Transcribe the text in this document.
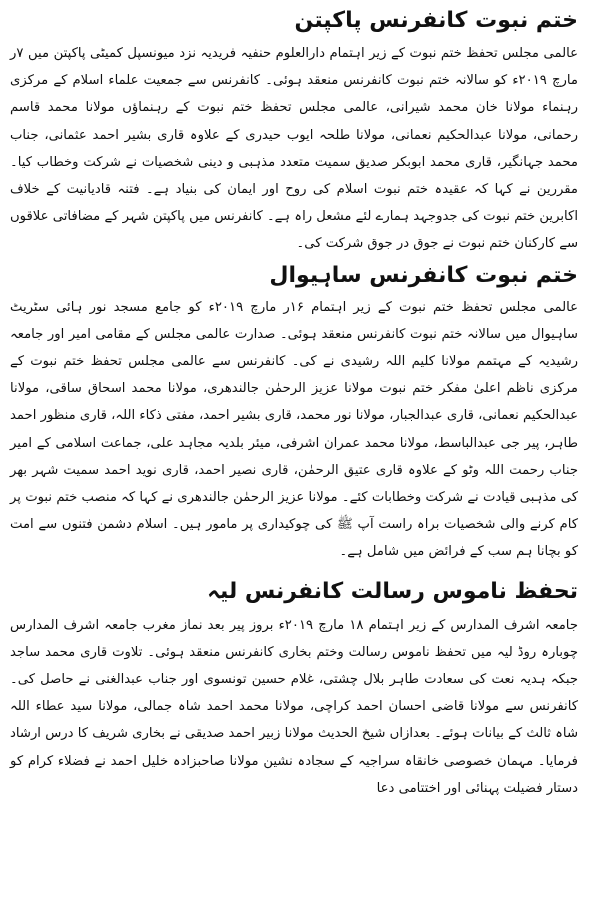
ختم نبوت کانفرنس پاکپتن

عالمی مجلس تحفظ ختم نبوت کے زیر اہتمام دارالعلوم حنفیہ فریدیہ نزد میونسپل کمیٹی پاکپتن میں ۷ر مارچ ۲۰۱۹ء کو سالانہ ختم نبوت کانفرنس منعقد ہوئی۔ کانفرنس سے جمعیت علماء اسلام کے مرکزی رہنماء مولانا خان محمد شیرانی، عالمی مجلس تحفظ ختم نبوت کے رہنماؤں مولانا محمد قاسم رحمانی، مولانا عبدالحکیم نعمانی، مولانا طلحہ ایوب حیدری کے علاوہ قاری بشیر احمد عثمانی، جناب محمد جہانگیر، قاری محمد ابوبکر صدیق سمیت متعدد مذہبی و دینی شخصیات نے شرکت وخطاب کیا۔ مقررین نے کہا کہ عقیدہ ختم نبوت اسلام کی روح اور ایمان کی بنیاد ہے۔ فتنہ قادیانیت کے خلاف اکابرین ختم نبوت کی جدوجہد ہمارے لئے مشعل راہ ہے۔ کانفرنس میں پاکپتن شہر کے مضافاتی علاقوں سے کارکنان ختم نبوت نے جوق در جوق شرکت کی۔

ختم نبوت کانفرنس ساہیوال

عالمی مجلس تحفظ ختم نبوت کے زیر اہتمام ۱۶ر مارچ ۲۰۱۹ء کو جامع مسجد نور ہائی سٹریٹ ساہیوال میں سالانہ ختم نبوت کانفرنس منعقد ہوئی۔ صدارت عالمی مجلس کے مقامی امیر اور جامعہ رشیدیہ کے مہتمم مولانا کلیم اللہ رشیدی نے کی۔ کانفرنس سے عالمی مجلس تحفظ ختم نبوت کے مرکزی ناظم اعلیٰ مفکر ختم نبوت مولانا عزیز الرحمٰن جالندھری، مولانا محمد اسحاق ساقی، مولانا عبدالحکیم نعمانی، قاری عبدالجبار، مولانا نور محمد، قاری بشیر احمد، مفتی ذکاء اللہ، قاری منظور احمد طاہر، پیر جی عبدالباسط، مولانا محمد عمران اشرفی، میئر بلدیہ مجاہد علی، جماعت اسلامی کے امیر جناب رحمت اللہ وٹو کے علاوہ قاری عتیق الرحمٰن، قاری نصیر احمد، قاری نوید احمد سمیت شہر بھر کی مذہبی قیادت نے شرکت وخطابات کئے۔ مولانا عزیز الرحمٰن جالندھری نے کہا کہ منصب ختم نبوت پر کام کرنے والی شخصیات براہ راست آپ ﷺ کی چوکیداری پر مامور ہیں۔ اسلام دشمن فتنوں سے امت کو بچانا ہم سب کے فرائض میں شامل ہے۔

تحفظ ناموس رسالت کانفرنس لیہ

جامعہ اشرف المدارس کے زیر اہتمام ۱۸ مارچ ۲۰۱۹ء بروز پیر بعد نماز مغرب جامعہ اشرف المدارس چوبارہ روڈ لیہ میں تحفظ ناموس رسالت وختم بخاری کانفرنس منعقد ہوئی۔ تلاوت قاری محمد ساجد جبکہ ہدیہ نعت کی سعادت طاہر بلال چشتی، غلام حسین تونسوی اور جناب عبدالغنی نے حاصل کی۔ کانفرنس سے مولانا قاضی احسان احمد کراچی، مولانا محمد احمد شاہ جمالی، مولانا سید عطاء اللہ شاہ ثالث کے بیانات ہوئے۔ بعدازاں شیخ الحدیث مولانا زبیر احمد صدیقی نے بخاری شریف کا درس ارشاد فرمایا۔ مہمان خصوصی خانقاہ سراجیہ کے سجادہ نشین مولانا صاحبزادہ خلیل احمد نے فضلاء کرام کو دستار فضیلت پہنائی اور اختتامی دعا
